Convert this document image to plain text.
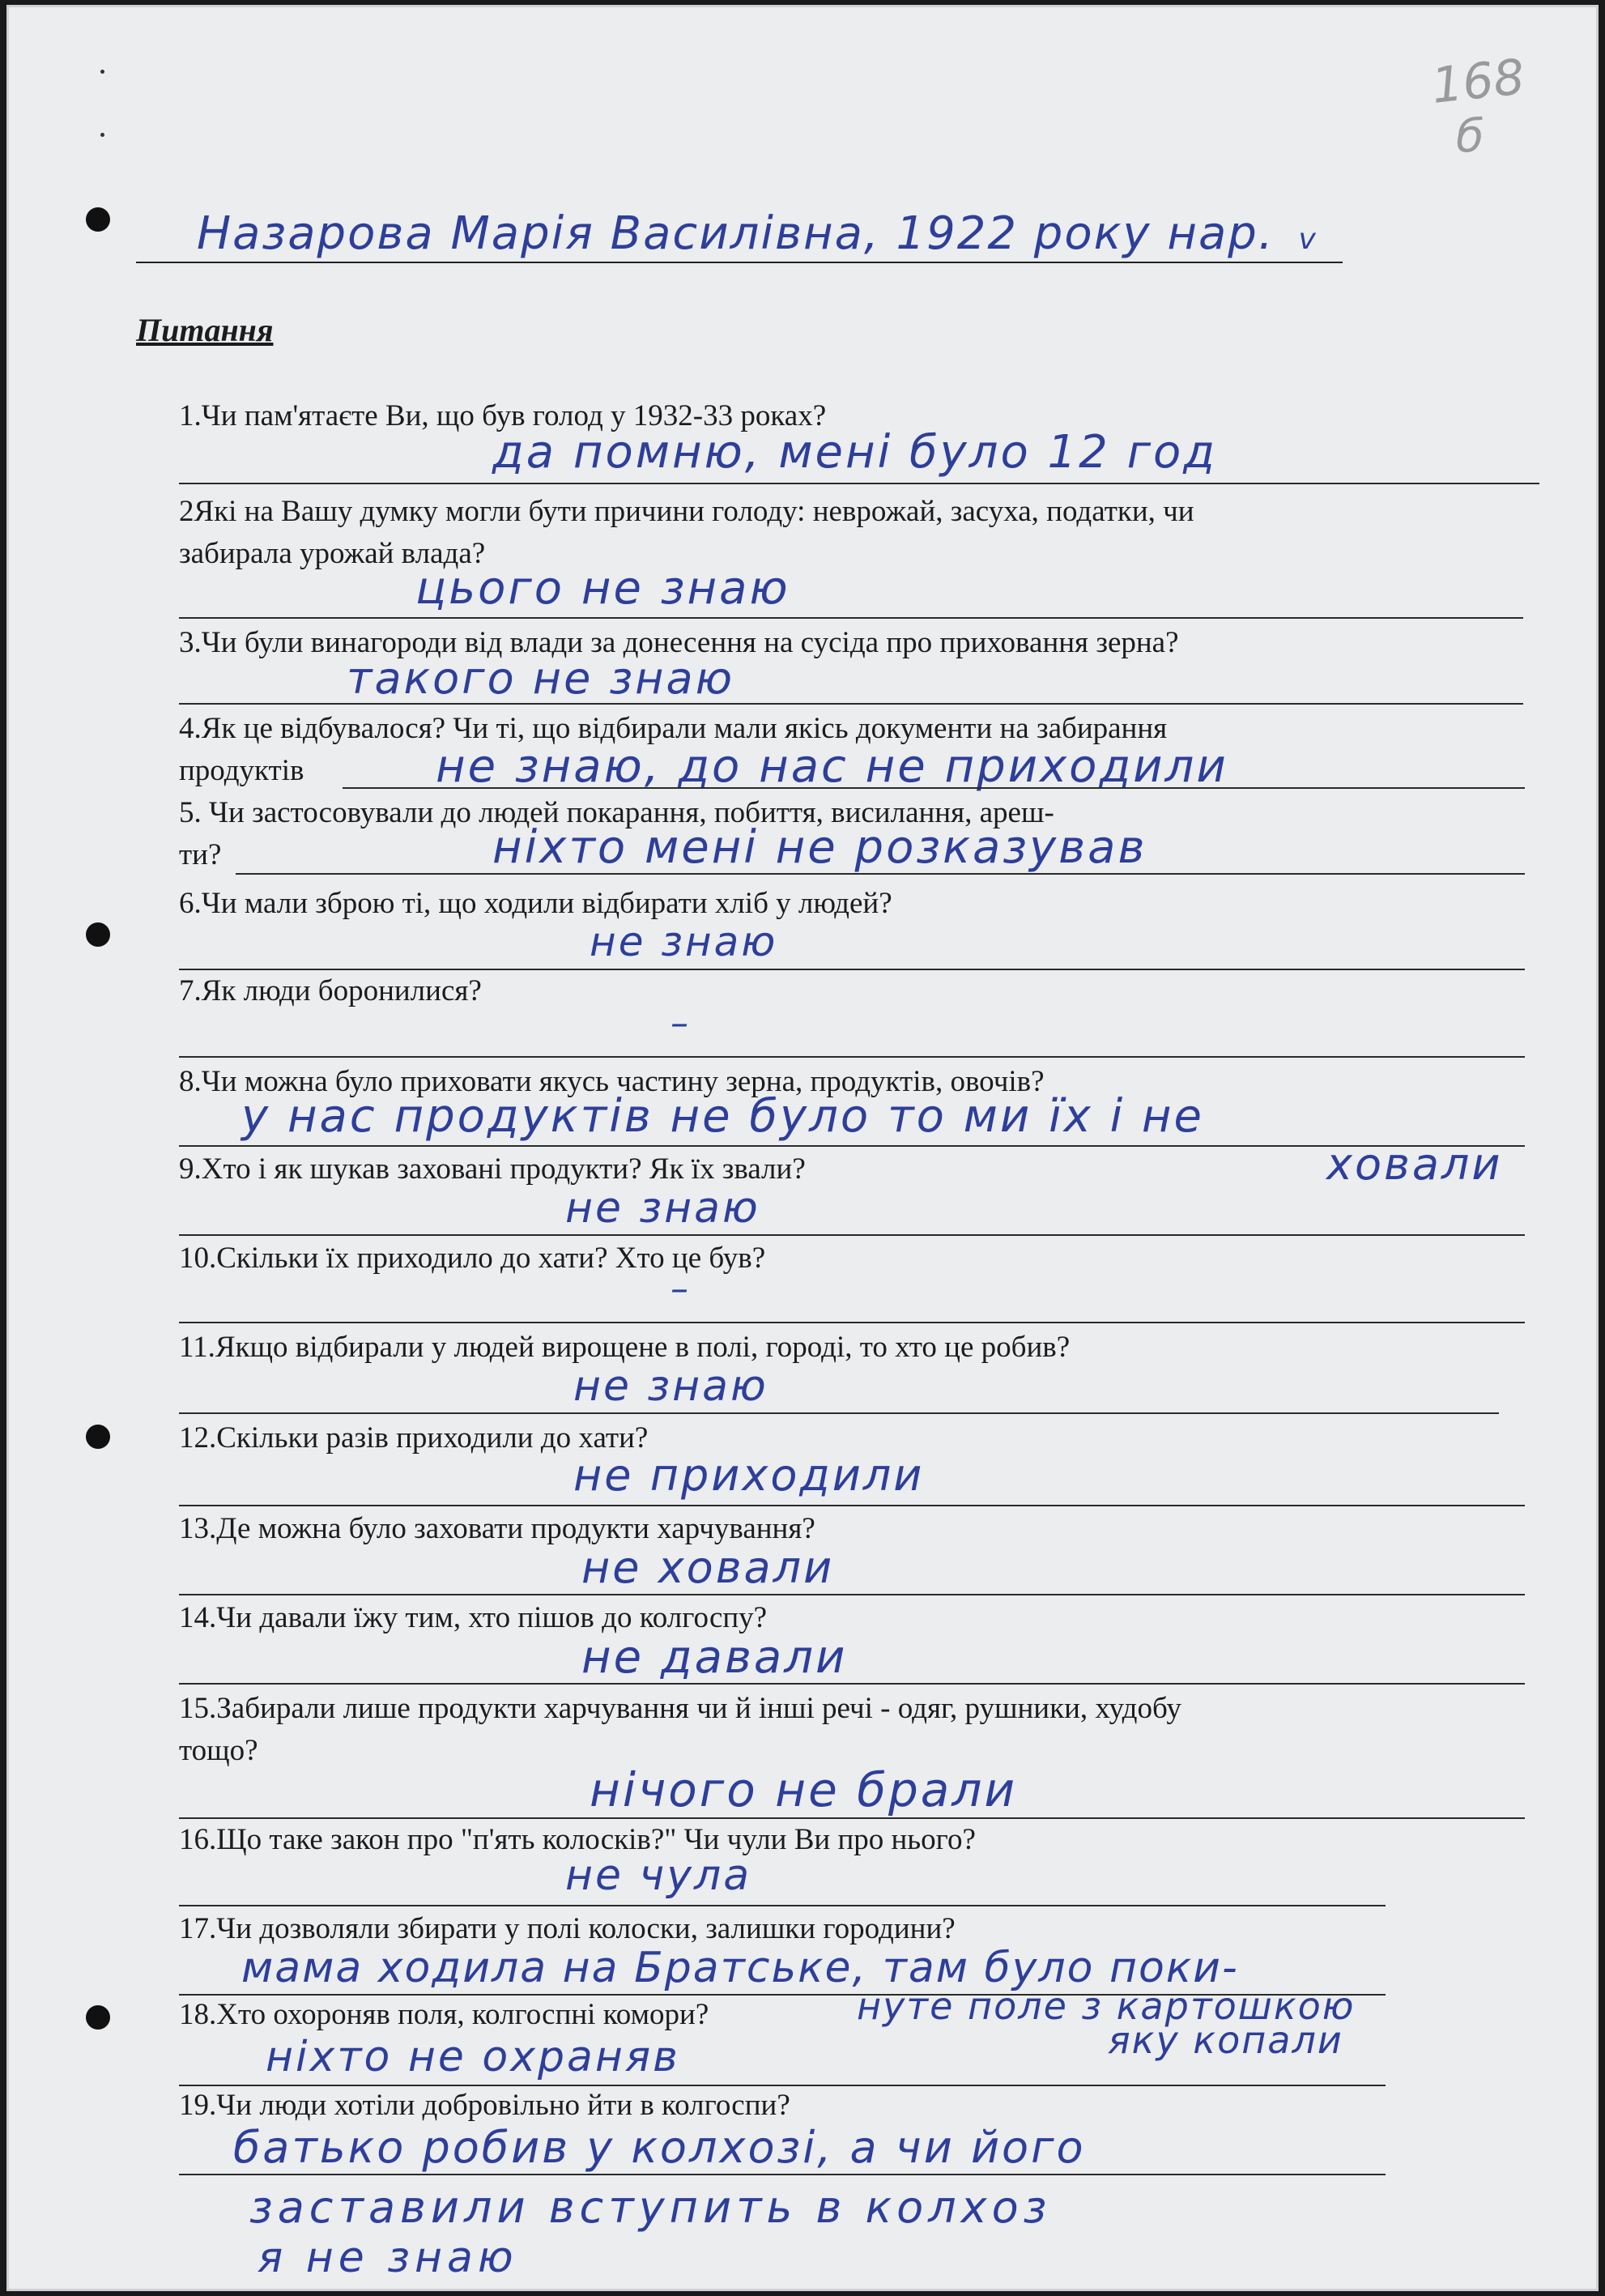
168
б
Назарова Марія Василівна, 1922 року нар. v
Питання
1.Чи пам'ятаєте Ви, що був голод у 1932-33 роках?
да помню, мені було 12 год
2Які на Вашу думку могли бути причини голоду: неврожай, засуха, податки, чи
забирала урожай влада?
цього не знаю
3.Чи були винагороди від влади за донесення на сусіда про приховання зерна?
такого не знаю
4.Як це відбувалося? Чи ті, що відбирали мали якісь документи на забирання
продуктів	не знаю, до нас не приходили
5. Чи застосовували до людей покарання, побиття, висилання, ареш-
ти?	ніхто мені не розказував
6.Чи мали зброю ті, що ходили відбирати хліб у людей?
не знаю
7.Як люди боронилися?
–
8.Чи можна було приховати якусь частину зерна, продуктів, овочів?
у нас продуктів не було то ми їх і не
ховали
9.Хто і як шукав заховані продукти? Як їх звали?
не знаю
10.Скільки їх приходило до хати? Хто це був?
–
11.Якщо відбирали у людей вирощене в полі, городі, то хто це робив?
не знаю
12.Скільки разів приходили до хати?
не приходили
13.Де можна було заховати продукти харчування?
не ховали
14.Чи давали їжу тим, хто пішов до колгоспу?
не давали
15.Забирали лише продукти харчування чи й інші речі - одяг, рушники, худобу
тощо?
нічого не брали
16.Що таке закон про "п'ять колосків?" Чи чули Ви про нього?
не чула
17.Чи дозволяли збирати у полі колоски, залишки городини?
мама ходила на Братське, там було поки-
18.Хто охороняв поля, колгоспні комори?	нуте поле з картошкою
яку копали
ніхто не охраняв
19.Чи люди хотіли добровільно йти в колгоспи?
батько робив у колхозі, а чи його
заставили вступить в колхоз
я не знаю
